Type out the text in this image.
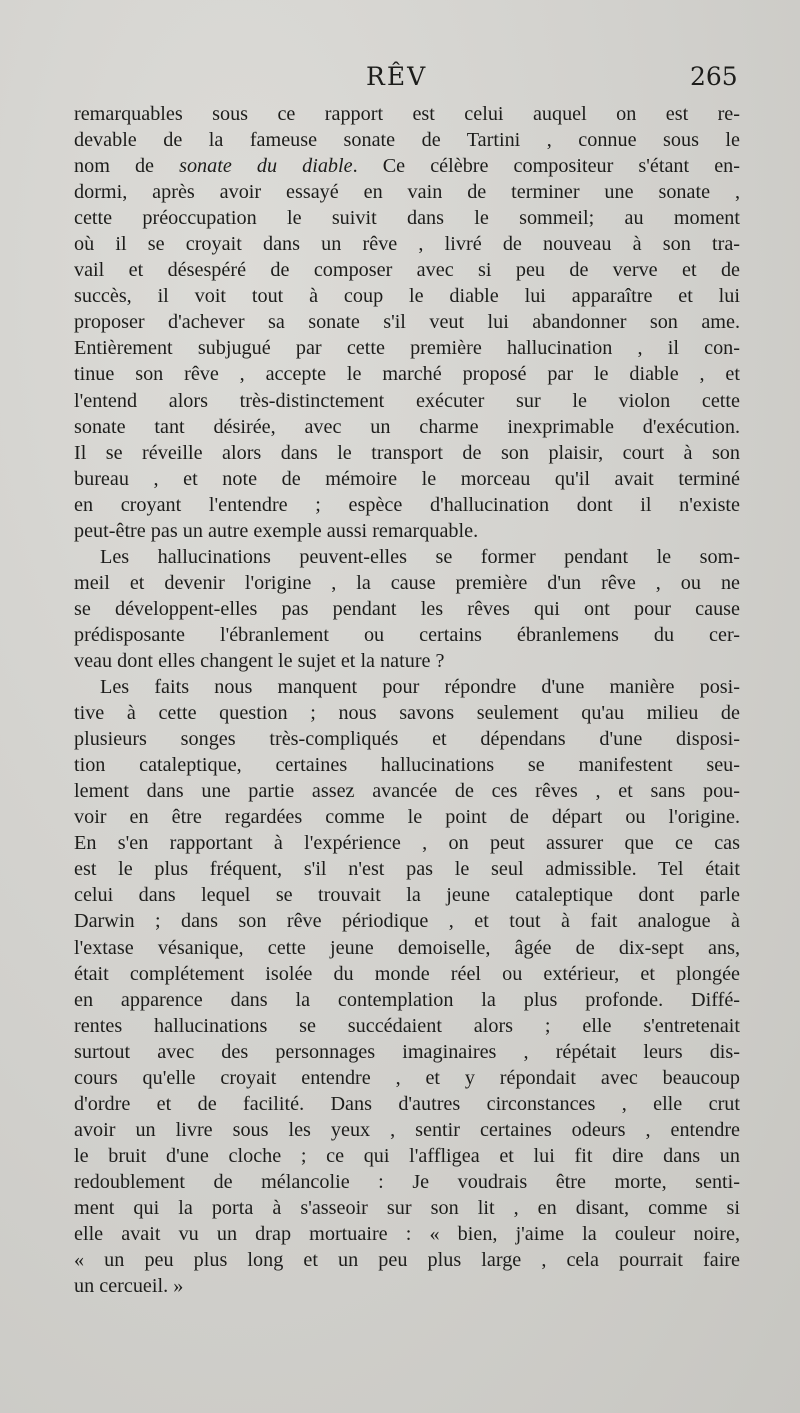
RÊV	265
remarquables sous ce rapport est celui auquel on est re-
devable de la fameuse sonate de Tartini , connue sous le
nom de sonate du diable. Ce célèbre compositeur s'étant en-
dormi, après avoir essayé en vain de terminer une sonate ,
cette préoccupation le suivit dans le sommeil; au moment
où il se croyait dans un rêve , livré de nouveau à son tra-
vail et désespéré de composer avec si peu de verve et de
succès, il voit tout à coup le diable lui apparaître et lui
proposer d'achever sa sonate s'il veut lui abandonner son ame.
Entièrement subjugué par cette première hallucination , il con-
tinue son rêve , accepte le marché proposé par le diable , et
l'entend alors très-distinctement exécuter sur le violon cette
sonate tant désirée, avec un charme inexprimable d'exécution.
Il se réveille alors dans le transport de son plaisir, court à son
bureau , et note de mémoire le morceau qu'il avait terminé
en croyant l'entendre ; espèce d'hallucination dont il n'existe
peut-être pas un autre exemple aussi remarquable.
Les hallucinations peuvent-elles se former pendant le som-
meil et devenir l'origine , la cause première d'un rêve , ou ne
se développent-elles pas pendant les rêves qui ont pour cause
prédisposante l'ébranlement ou certains ébranlemens du cer-
veau dont elles changent le sujet et la nature ?
Les faits nous manquent pour répondre d'une manière posi-
tive à cette question ; nous savons seulement qu'au milieu de
plusieurs songes très-compliqués et dépendans d'une disposi-
tion cataleptique, certaines hallucinations se manifestent seu-
lement dans une partie assez avancée de ces rêves , et sans pou-
voir en être regardées comme le point de départ ou l'origine.
En s'en rapportant à l'expérience , on peut assurer que ce cas
est le plus fréquent, s'il n'est pas le seul admissible. Tel était
celui dans lequel se trouvait la jeune cataleptique dont parle
Darwin ; dans son rêve périodique , et tout à fait analogue à
l'extase vésanique, cette jeune demoiselle, âgée de dix-sept ans,
était complétement isolée du monde réel ou extérieur, et plongée
en apparence dans la contemplation la plus profonde. Diffé-
rentes hallucinations se succédaient alors ; elle s'entretenait
surtout avec des personnages imaginaires , répétait leurs dis-
cours qu'elle croyait entendre , et y répondait avec beaucoup
d'ordre et de facilité. Dans d'autres circonstances , elle crut
avoir un livre sous les yeux , sentir certaines odeurs , entendre
le bruit d'une cloche ; ce qui l'affligea et lui fit dire dans un
redoublement de mélancolie : Je voudrais être morte, senti-
ment qui la porta à s'asseoir sur son lit , en disant, comme si
elle avait vu un drap mortuaire : « bien, j'aime la couleur noire,
« un peu plus long et un peu plus large , cela pourrait faire
un cercueil. »
